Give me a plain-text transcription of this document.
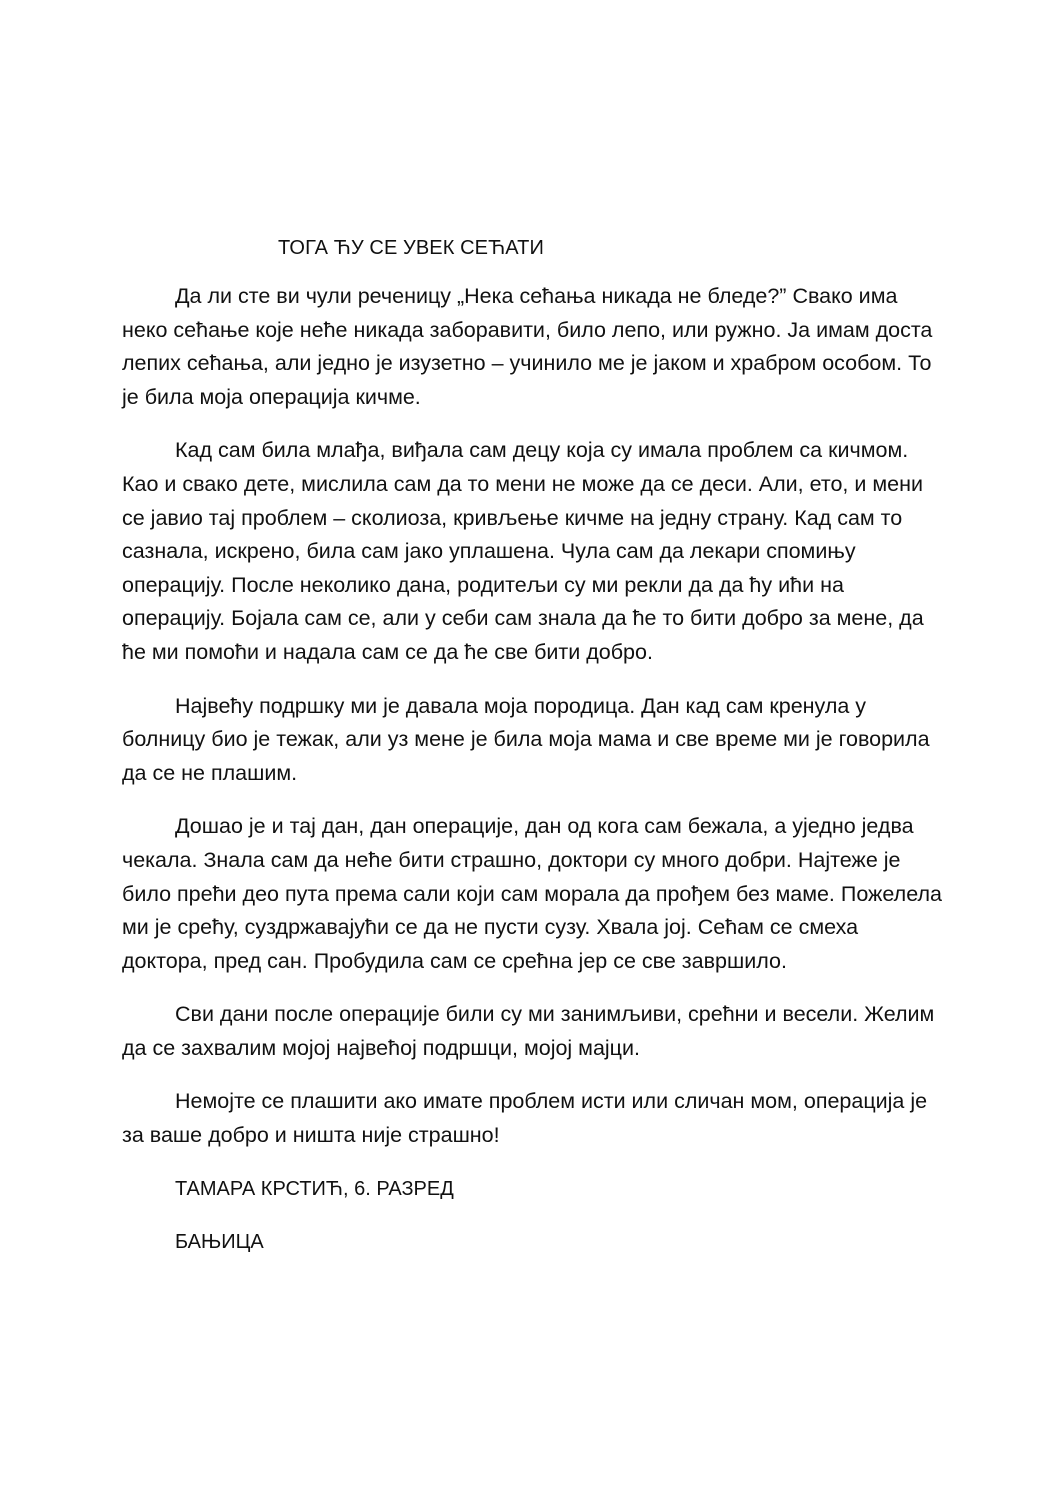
ТОГА ЋУ СЕ УВЕК СЕЋАТИ

Да ли сте ви чули реченицу „Нека сећања никада не бледе?” Свако има неко сећање које неће никада заборавити, било лепо, или ружно. Ја имам доста лепих сећања, али једно је изузетно – учинило ме је јаком и храбром особом. То је била моја операција кичме.

Кад сам била млађа, виђала сам децу која су имала проблем са кичмом. Као и свако дете, мислила сам да то мени не може да се деси. Али, ето, и мени се јавио тај проблем – сколиоза, кривљење кичме на једну страну. Кад сам то сазнала, искрено, била сам јако уплашена. Чула сам да лекари спомињу операцију. После неколико дана, родитељи су ми рекли да да ћу ићи на операцију. Бојала сам се, али у себи сам знала да ће то бити добро за мене, да ће ми помоћи и надала сам се да ће све бити добро.

Највећу подршку ми је давала моја породица. Дан кад сам кренула у болницу био је тежак, али уз мене је била моја мама и све време ми је говорила да се не плашим.

Дошао је и тај дан, дан операције, дан од кога сам бежала, а уједно једва чекала. Знала сам да неће бити страшно, доктори су много добри. Најтеже је било прећи део пута према сали који сам морала да прођем без маме. Пожелела ми је срећу, суздржавајући се да не пусти сузу. Хвала јој. Сећам се смеха доктора, пред сан. Пробудила сам се срећна јер се све завршило.

Сви дани после операције били су ми занимљиви, срећни и весели. Желим да се захвалим мојој највећој подршци, мојој мајци.

Немојте се плашити ако имате проблем исти или сличан мом, операција је за ваше добро и ништа није страшно!

ТАМАРА КРСТИЋ, 6. РАЗРЕД
БАЊИЦА
